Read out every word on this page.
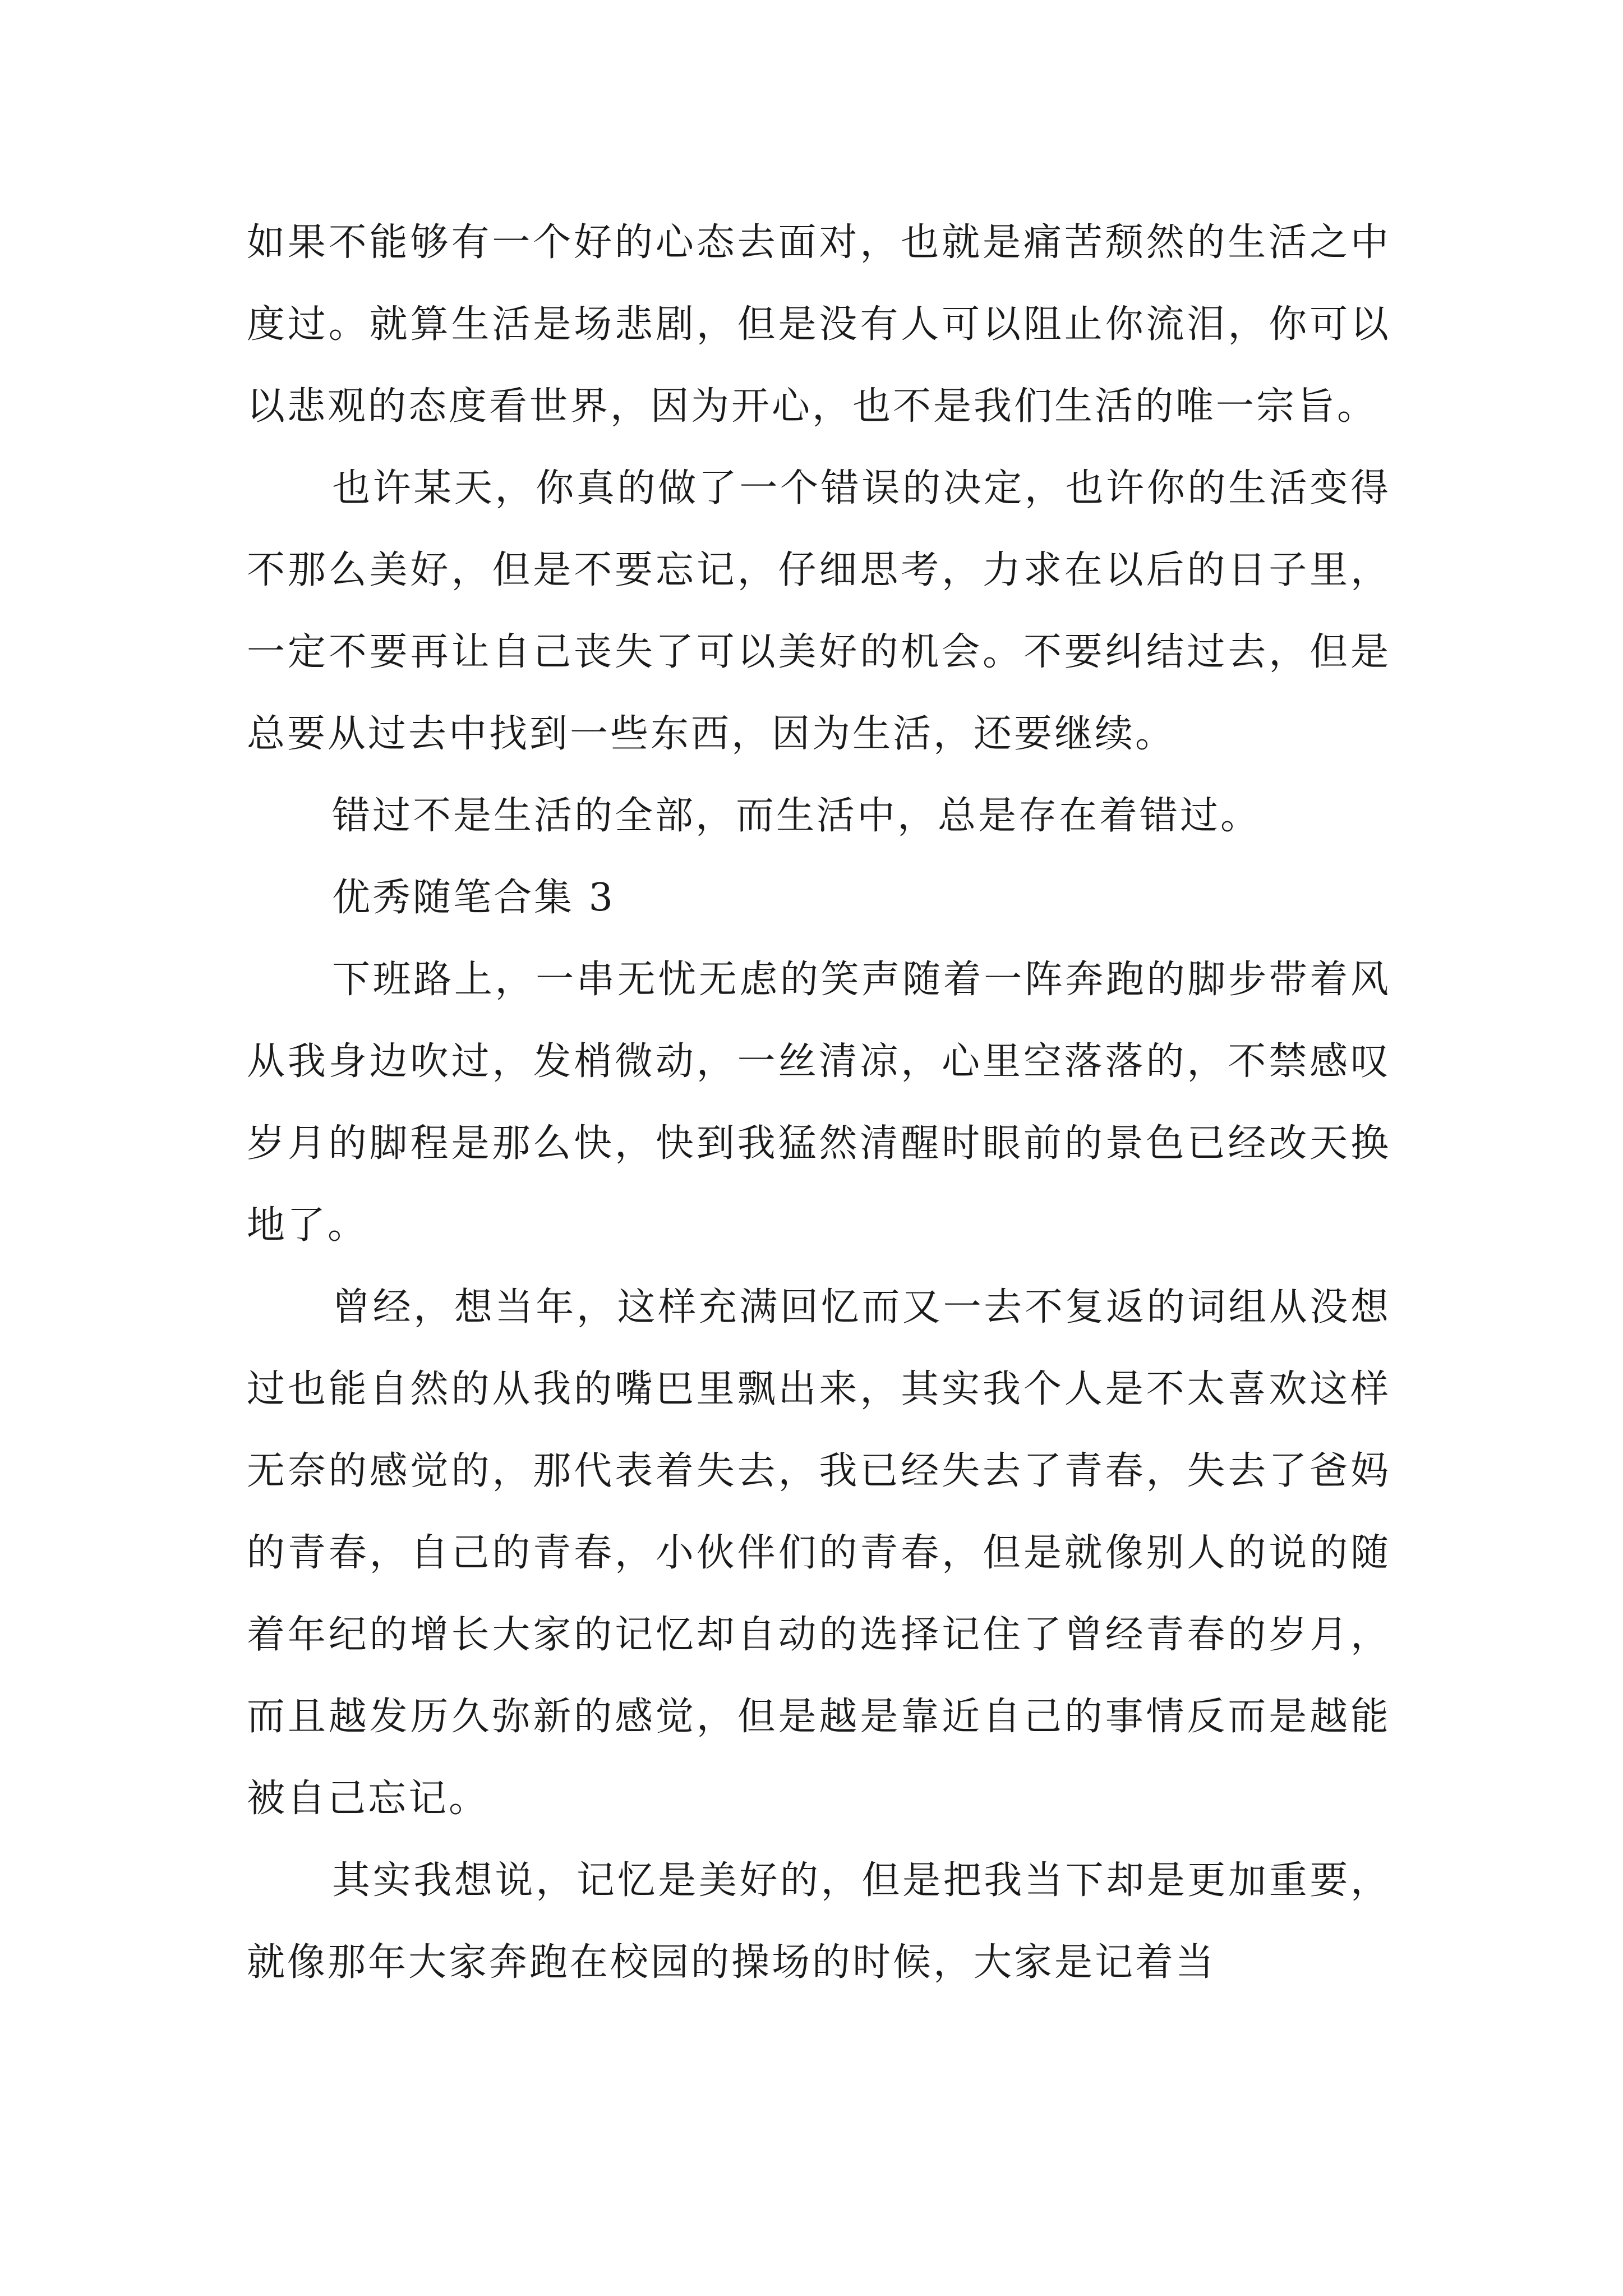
如果不能够有一个好的心态去面对，也就是痛苦颓然的生活之中度过。就算生活是场悲剧，但是没有人可以阻止你流泪，你可以以悲观的态度看世界，因为开心，也不是我们生活的唯一宗旨。

也许某天，你真的做了一个错误的决定，也许你的生活变得不那么美好，但是不要忘记，仔细思考，力求在以后的日子里，一定不要再让自己丧失了可以美好的机会。不要纠结过去，但是总要从过去中找到一些东西，因为生活，还要继续。

错过不是生活的全部，而生活中，总是存在着错过。

优秀随笔合集 3

下班路上，一串无忧无虑的笑声随着一阵奔跑的脚步带着风从我身边吹过，发梢微动，一丝清凉，心里空落落的，不禁感叹岁月的脚程是那么快，快到我猛然清醒时眼前的景色已经改天换地了。

曾经，想当年，这样充满回忆而又一去不复返的词组从没想过也能自然的从我的嘴巴里飘出来，其实我个人是不太喜欢这样无奈的感觉的，那代表着失去，我已经失去了青春，失去了爸妈的青春，自己的青春，小伙伴们的青春，但是就像别人的说的随着年纪的增长大家的记忆却自动的选择记住了曾经青春的岁月，而且越发历久弥新的感觉，但是越是靠近自己的事情反而是越能被自己忘记。

其实我想说，记忆是美好的，但是把我当下却是更加重要，就像那年大家奔跑在校园的操场的时候，大家是记着当
